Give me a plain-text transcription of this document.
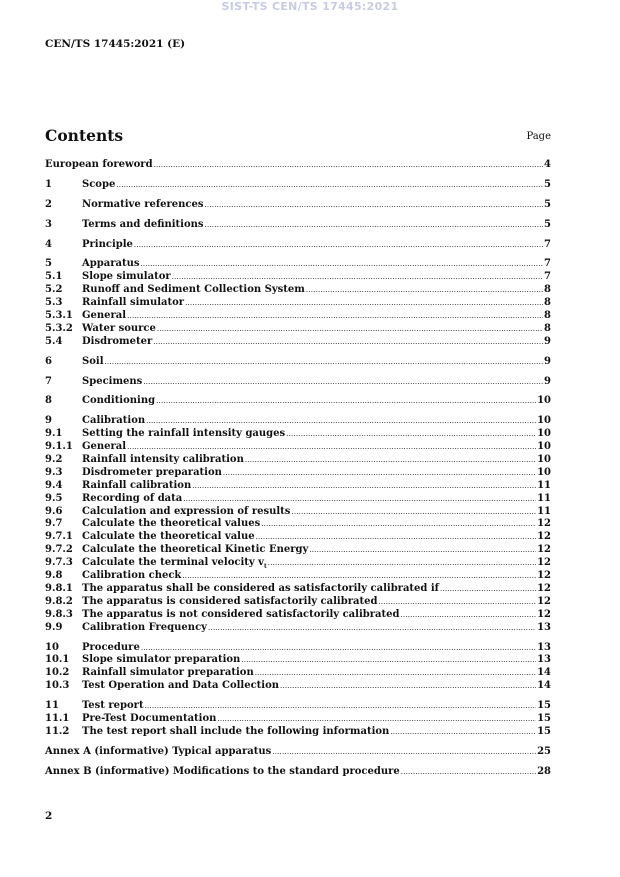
SIST-TS CEN/TS 17445:2021
CEN/TS 17445:2021 (E)
Contents	Page
European foreword .....	4
1	Scope .....	5
2	Normative references .....	5
3	Terms and definitions .....	5
4	Principle .....	7
5	Apparatus .....	7
5.1	Slope simulator .....	7
5.2	Runoff and Sediment Collection System .....	8
5.3	Rainfall simulator .....	8
5.3.1 General .....	8
5.3.2 Water source .....	8
5.4	Disdrometer .....	9
6	Soil .....	9
7	Specimens .....	9
8	Conditioning .....	10
9	Calibration .....	10
9.1	Setting the rainfall intensity gauges .....	10
9.1.1 General .....	10
9.2	Rainfall intensity calibration .....	10
9.3	Disdrometer preparation .....	10
9.4	Rainfall calibration .....	11
9.5	Recording of data .....	11
9.6	Calculation and expression of results .....	11
9.7	Calculate the theoretical values .....	12
9.7.1 Calculate the theoretical value .....	12
9.7.2 Calculate the theoretical Kinetic Energy .....	12
9.7.3 Calculate the terminal velocity $v_t$ .....	12
9.8	Calibration check .....	12
9.8.1 The apparatus shall be considered as satisfactorily calibrated if .....	12
9.8.2 The apparatus is considered satisfactorily calibrated .....	12
9.8.3 The apparatus is not considered satisfactorily calibrated .....	12
9.9	Calibration Frequency .....	13
10	Procedure .....	13
10.1	Slope simulator preparation .....	13
10.2	Rainfall simulator preparation .....	14
10.3	Test Operation and Data Collection .....	14
11	Test report .....	15
11.1	Pre-Test Documentation .....	15
11.2	The test report shall include the following information .....	15
Annex A (informative) Typical apparatus .....	25
Annex B (informative) Modifications to the standard procedure .....	28
2
